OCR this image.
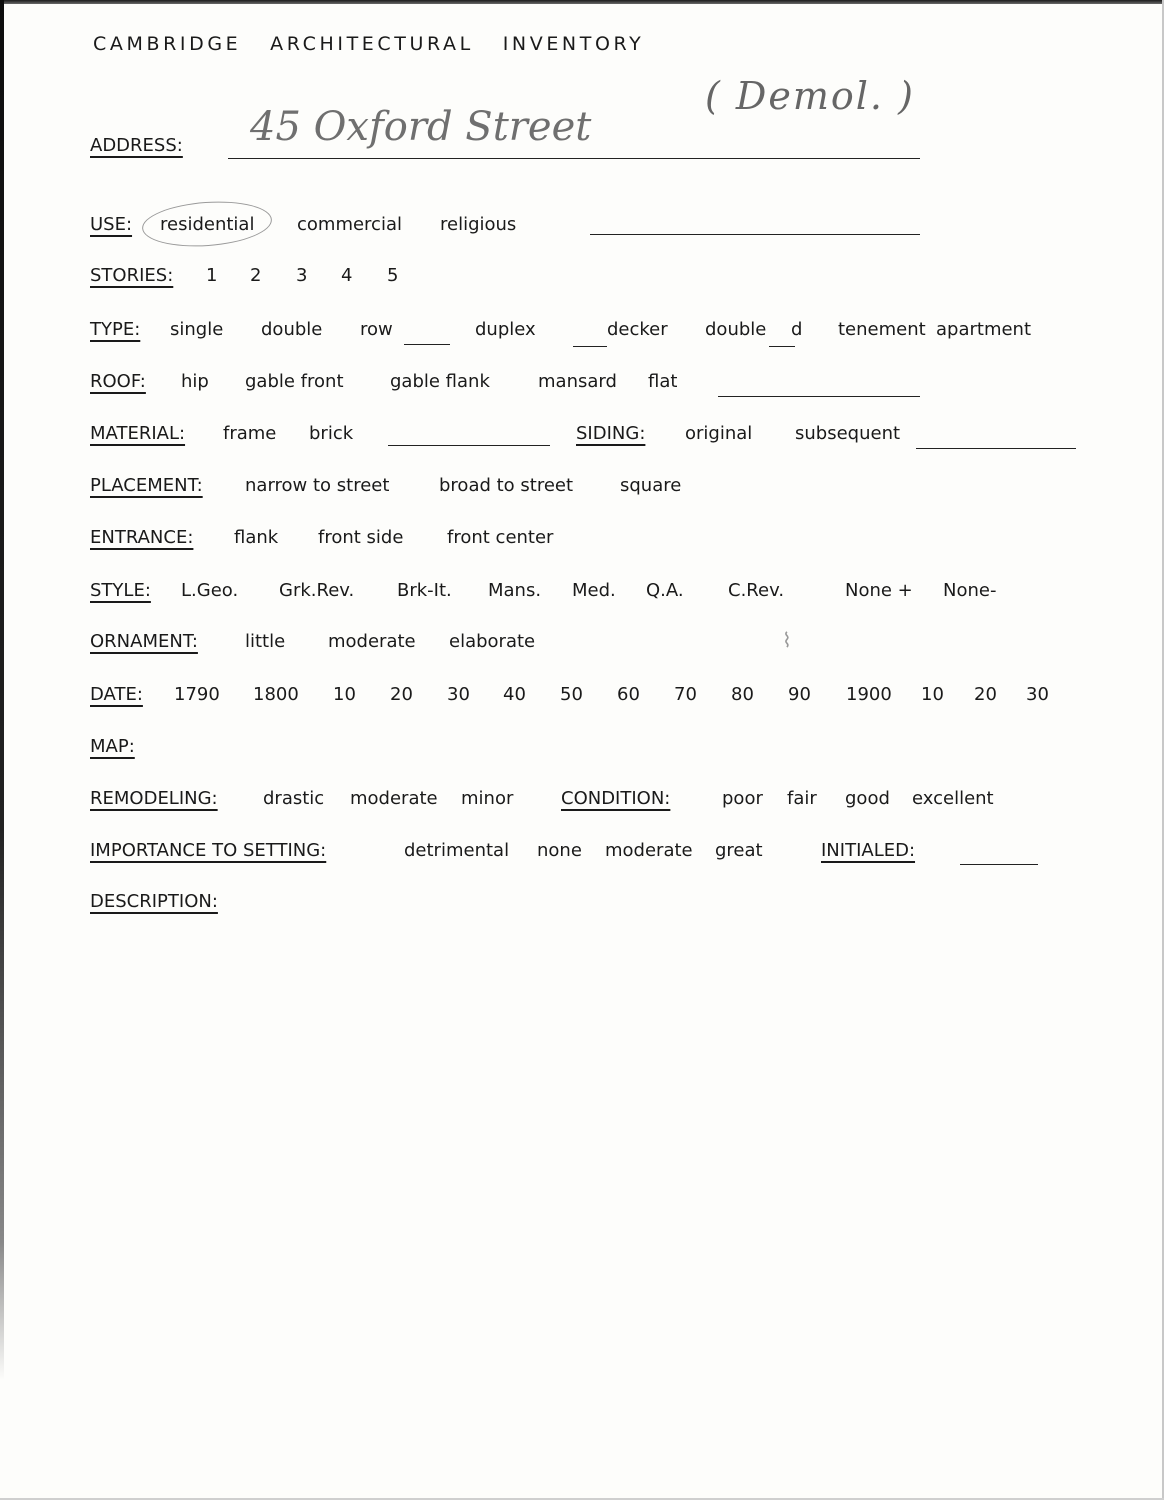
CAMBRIDGE   ARCHITECTURAL   INVENTORY
( Demol. )
ADDRESS: 45 Oxford Street
USE: residential commercial religious
STORIES: 1 2 3 4 5
TYPE: single double row	duplex	decker double d tenement apartment
ROOF: hip gable front	gable flank	mansard flat
MATERIAL: frame brick	SIDING: original subsequent
PLACEMENT: narrow to street	broad to street	square
ENTRANCE: flank front side front center
STYLE: L.Geo. Grk.Rev. Brk-It. Mans. Med. Q.A. C.Rev.	None + None-
ORNAMENT:	little moderate elaborate	⌇
DATE: 1790 1800 10 20 30 40 50 60 70 80 90 1900 10 20 30
MAP:
REMODELING:	drastic moderate minor	CONDITION:	poor fair good excellent
IMPORTANCE TO SETTING:	detrimental none moderate great	INITIALED:
DESCRIPTION:
